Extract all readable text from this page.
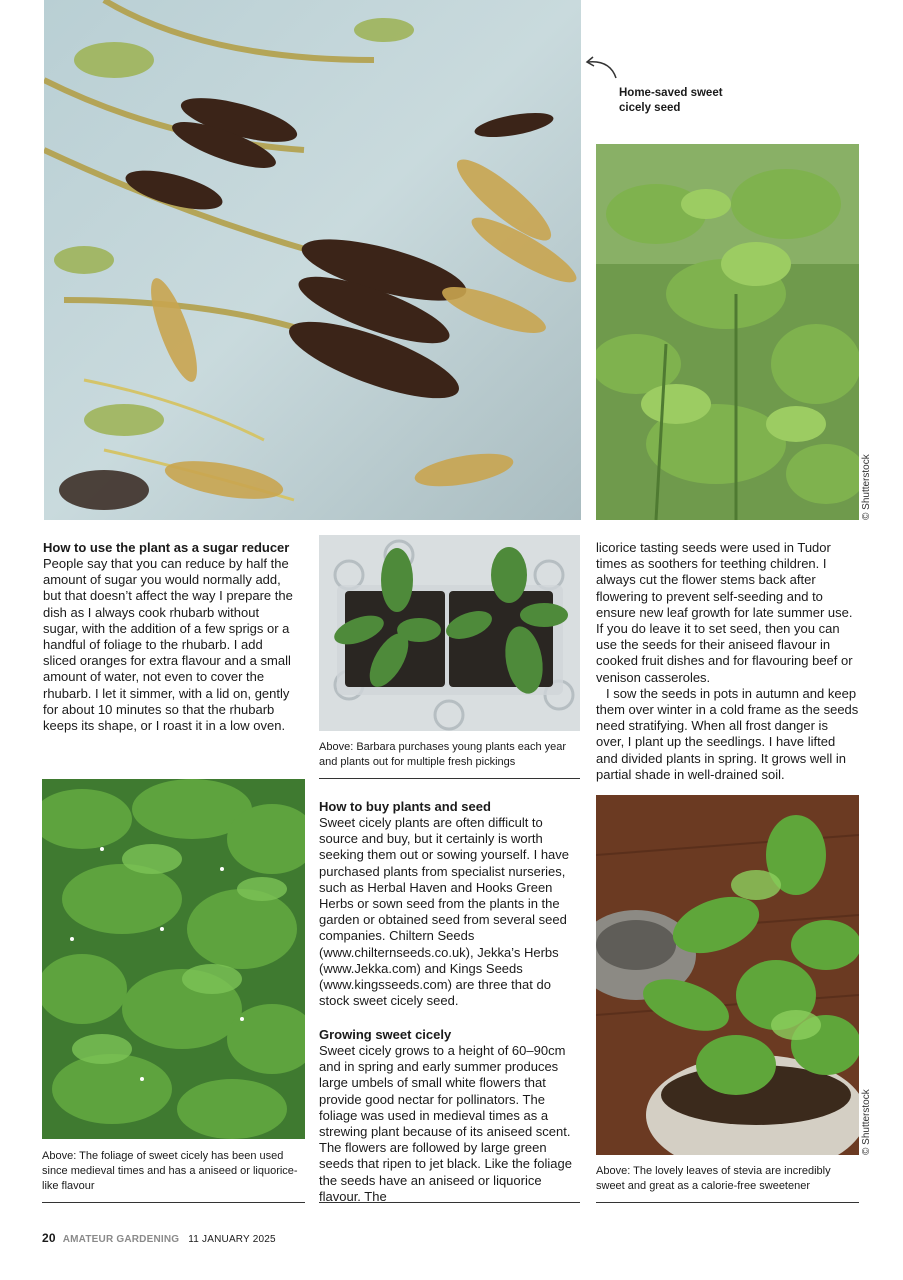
Home-saved sweet cicely seed
© Shutterstock
How to use the plant as a sugar reducer

People say that you can reduce by half the amount of sugar you would normally add, but that doesn’t affect the way I prepare the dish as I always cook rhubarb without sugar, with the addition of a few sprigs or a handful of foliage to the rhubarb. I add sliced oranges for extra flavour and a small amount of water, not even to cover the rhubarb. I let it simmer, with a lid on, gently for about 10 minutes so that the rhubarb keeps its shape, or I roast it in a low oven.

Above: Barbara purchases young plants each year and plants out for multiple fresh pickings

licorice tasting seeds were used in Tudor times as soothers for teething children. I always cut the flower stems back after flowering to prevent self-seeding and to ensure new leaf growth for late summer use. If you do leave it to set seed, then you can use the seeds for their aniseed flavour in cooked fruit dishes and for flavouring beef or venison casseroles.

I sow the seeds in pots in autumn and keep them over winter in a cold frame as the seeds need stratifying. When all frost danger is over, I plant up the seedlings. I have lifted and divided plants in spring. It grows well in partial shade in well-drained soil.

Above: The foliage of sweet cicely has been used since medieval times and has a aniseed or liquorice-like flavour
How to buy plants and seed

Sweet cicely plants are often difficult to source and buy, but it certainly is worth seeking them out or sowing yourself. I have purchased plants from specialist nurseries, such as Herbal Haven and Hooks Green Herbs or sown seed from the plants in the garden or obtained seed from several seed companies. Chiltern Seeds (www.chilternseeds.co.uk), Jekka’s Herbs (www.Jekka.com) and Kings Seeds (www.kingsseeds.com) are three that do stock sweet cicely seed.

Growing sweet cicely

Sweet cicely grows to a height of 60–90cm and in spring and early summer produces large umbels of small white flowers that provide good nectar for pollinators. The foliage was used in medieval times as a strewing plant because of its aniseed scent. The flowers are followed by large green seeds that ripen to jet black. Like the foliage the seeds have an aniseed or liquorice flavour. The

© Shutterstock
Above: The lovely leaves of stevia are incredibly sweet and great as a calorie-free sweetener
20 AMATEUR GARDENING 11 JANUARY 2025
